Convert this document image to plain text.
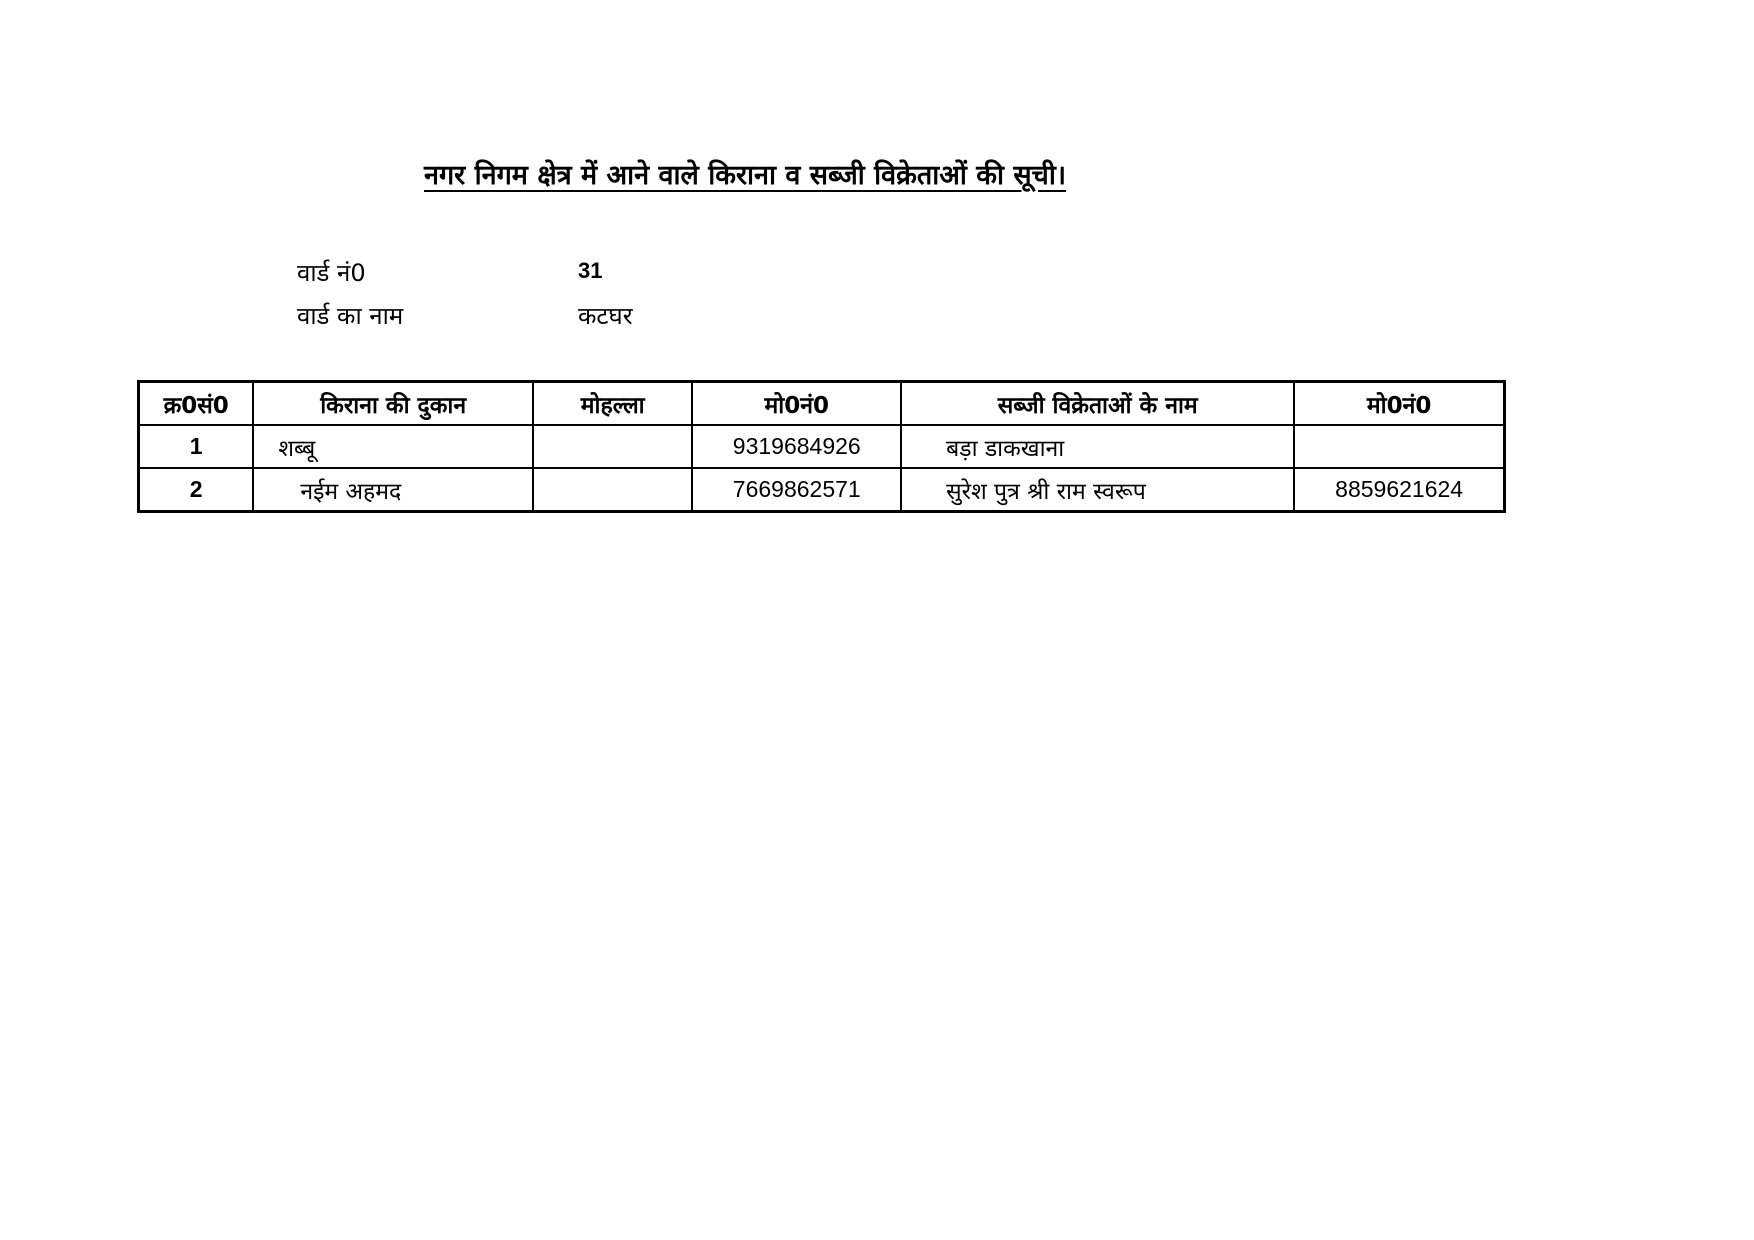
नगर निगम क्षेत्र में आने वाले किराना व सब्जी विक्रेताओं की सूची।
वार्ड नं0	31
वार्ड का नाम	कटघर
क्र0सं0	किराना की दुकान	मोहल्ला	मो0नं0	सब्जी विक्रेताओं के नाम	मो0नं0
1	शब्बू		9319684926	बड़ा डाकखाना	
2	नईम अहमद		7669862571	सुरेश पुत्र श्री राम स्वरूप	8859621624
